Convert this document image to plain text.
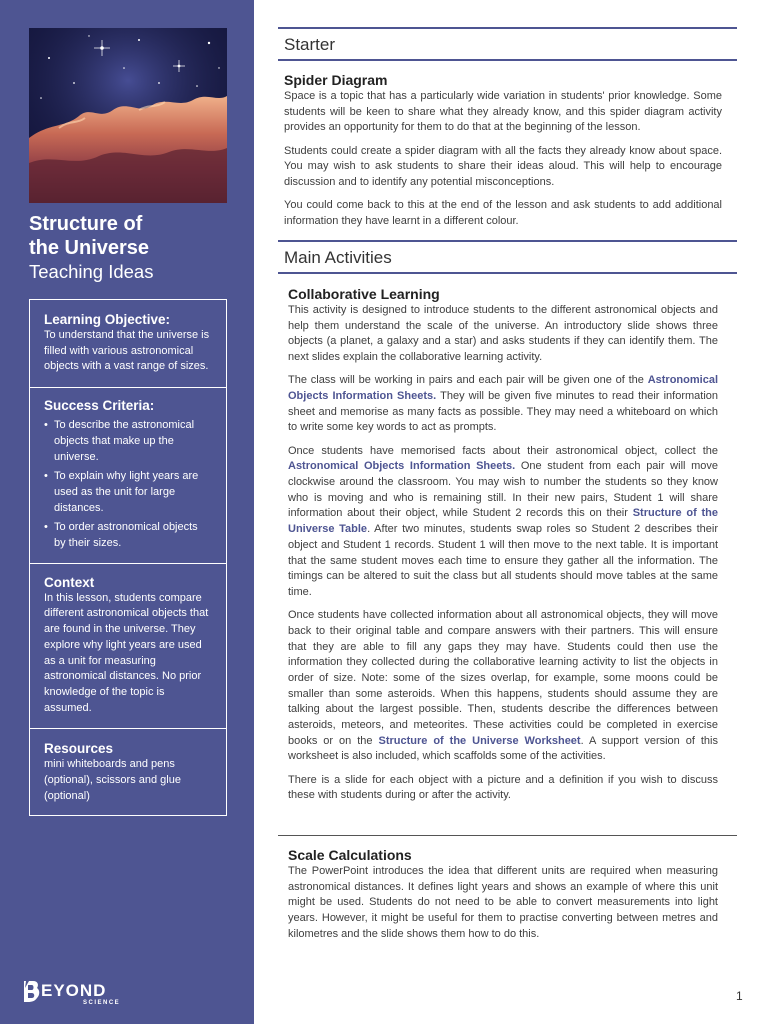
Structure of
the Universe
Teaching Ideas
Learning Objective:

To understand that the universe is filled with various astronomical objects with a vast range of sizes.

Success Criteria:
• To describe the astronomical objects that make up the universe.
• To explain why light years are used as the unit for large distances.
• To order astronomical objects by their sizes.
Context

In this lesson, students compare different astronomical objects that are found in the universe. They explore why light years are used as a unit for measuring astronomical distances. No prior knowledge of the topic is assumed.

Resources

mini whiteboards and pens (optional), scissors and glue (optional)

EYOND
SCIENCE
Starter
Spider Diagram

Space is a topic that has a particularly wide variation in students' prior knowledge. Some students will be keen to share what they already know, and this spider diagram activity provides an opportunity for them to do that at the beginning of the lesson.

Students could create a spider diagram with all the facts they already know about space. You may wish to ask students to share their ideas aloud. This will help to encourage discussion and to identify any potential misconceptions.

You could come back to this at the end of the lesson and ask students to add additional information they have learnt in a different colour.

Main Activities
Collaborative Learning

This activity is designed to introduce students to the different astronomical objects and help them understand the scale of the universe. An introductory slide shows three objects (a planet, a galaxy and a star) and asks students if they can identify them. The next slides explain the collaborative learning activity.

The class will be working in pairs and each pair will be given one of the Astronomical Objects Information Sheets. They will be given five minutes to read their information sheet and memorise as many facts as possible. They may need a whiteboard on which to write some key words to act as prompts.

Once students have memorised facts about their astronomical object, collect the Astronomical Objects Information Sheets. One student from each pair will move clockwise around the classroom. You may wish to number the students so they know who is moving and who is remaining still. In their new pairs, Student 1 will share information about their object, while Student 2 records this on their Structure of the Universe Table. After two minutes, students swap roles so Student 2 describes their object and Student 1 records. Student 1 will then move to the next table. It is important that the same student moves each time to ensure they gather all the information. The timings can be altered to suit the class but all students should move tables at the same time.

Once students have collected information about all astronomical objects, they will move back to their original table and compare answers with their partners. This will ensure that they are able to fill any gaps they may have. Students could then use the information they collected during the collaborative learning activity to list the objects in order of size. Note: some of the sizes overlap, for example, some moons could be smaller than some asteroids. When this happens, students should assume they are talking about the largest possible. Then, students describe the differences between asteroids, meteors, and meteorites. These activities could be completed in exercise books or on the Structure of the Universe Worksheet. A support version of this worksheet is also included, which scaffolds some of the activities.

There is a slide for each object with a picture and a definition if you wish to discuss these with students during or after the activity.

Scale Calculations

The PowerPoint introduces the idea that different units are required when measuring astronomical distances. It defines light years and shows an example of where this unit might be used. Students do not need to be able to convert measurements into light years. However, it might be useful for them to practise converting between metres and kilometres and the slide shows them how to do this.

1
